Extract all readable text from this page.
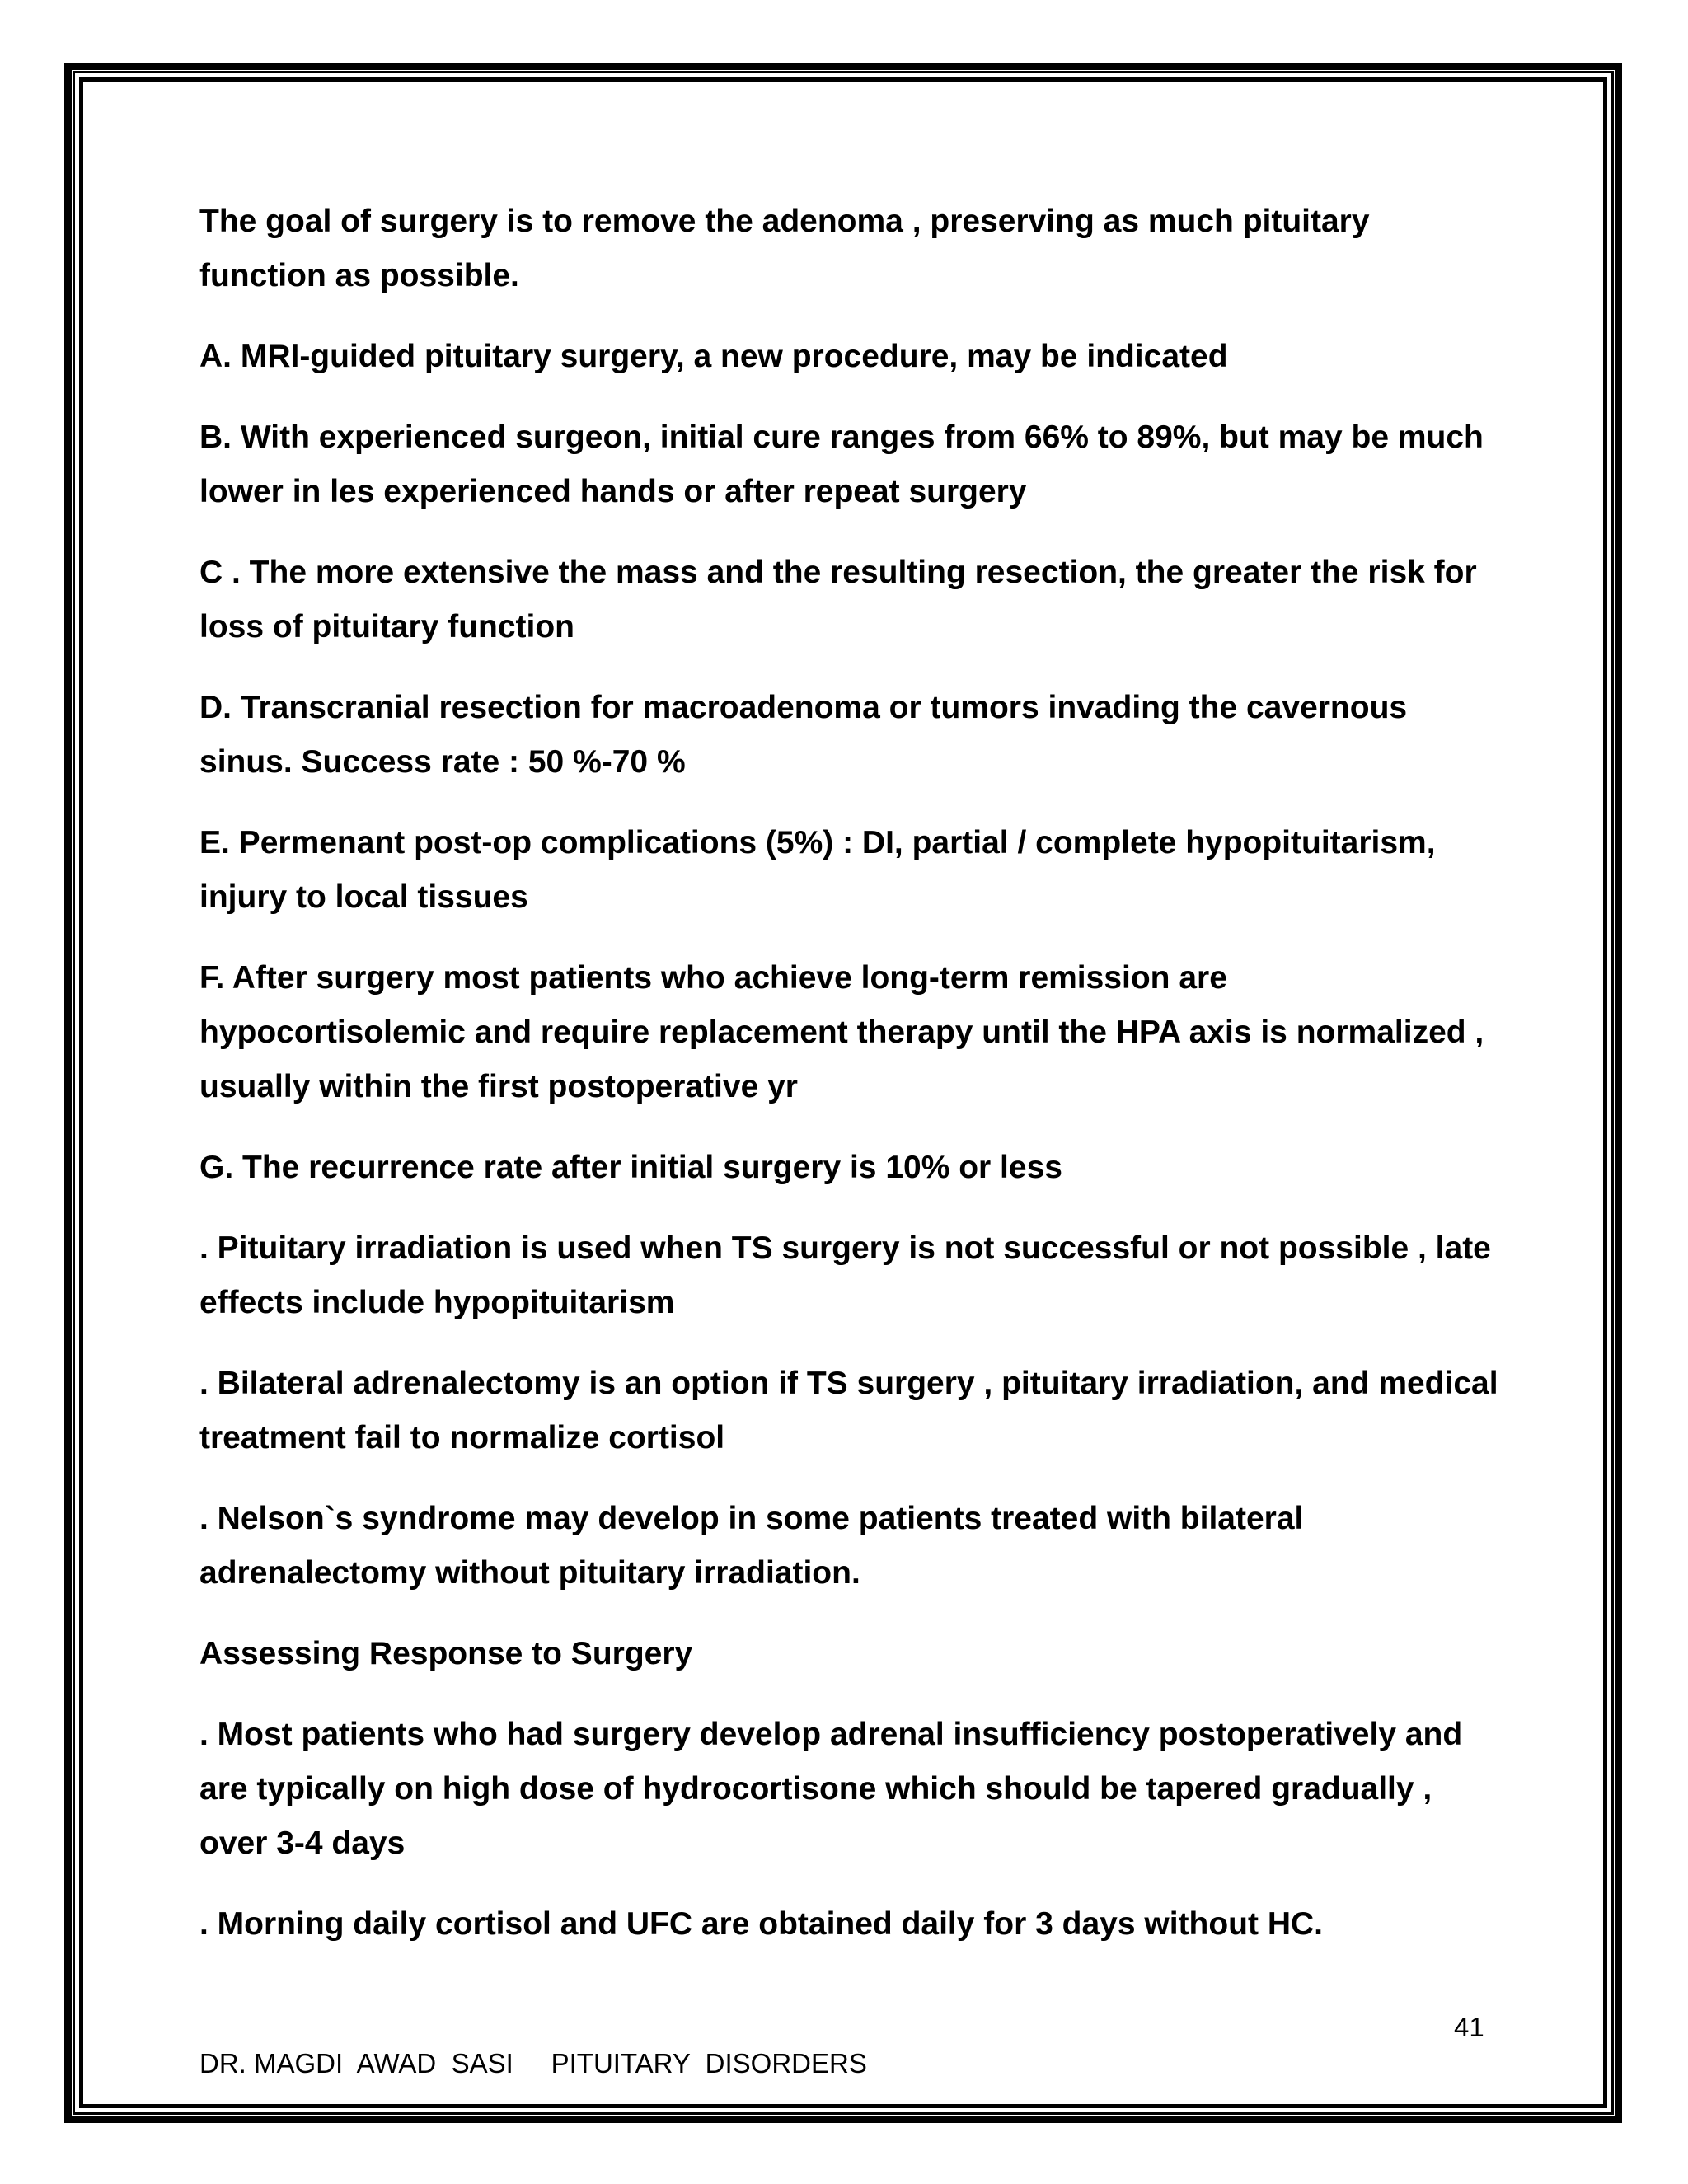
The goal of surgery is to remove the adenoma , preserving as much pituitary function as possible.

A. MRI-guided pituitary surgery, a new procedure, may be indicated

B. With experienced surgeon, initial cure ranges from 66% to 89%, but may be much lower in les experienced hands or after repeat surgery

C . The more extensive the mass and the resulting resection, the greater the risk for loss of pituitary function

D. Transcranial resection for macroadenoma or tumors invading the cavernous sinus. Success rate : 50 %-70 %

E. Permenant post-op complications (5%) : DI, partial / complete hypopituitarism, injury to local tissues

F. After surgery most patients who achieve long-term remission are hypocortisolemic and require replacement therapy until the HPA axis is normalized , usually within the first postoperative yr

G. The recurrence rate after initial surgery is 10% or less

. Pituitary irradiation is used when TS surgery is not successful or not possible , late effects include hypopituitarism

. Bilateral adrenalectomy is an option if TS surgery , pituitary irradiation, and medical treatment fail to normalize cortisol

. Nelson`s syndrome may develop in some patients treated with bilateral adrenalectomy without pituitary irradiation.

Assessing Response to Surgery

. Most patients who had surgery develop adrenal insufficiency postoperatively and are typically on high dose of hydrocortisone which should be tapered gradually , over 3-4 days

. Morning daily cortisol and UFC are obtained daily for 3 days without HC.

41
DR. MAGDI  AWAD  SASI PITUITARY  DISORDERS
